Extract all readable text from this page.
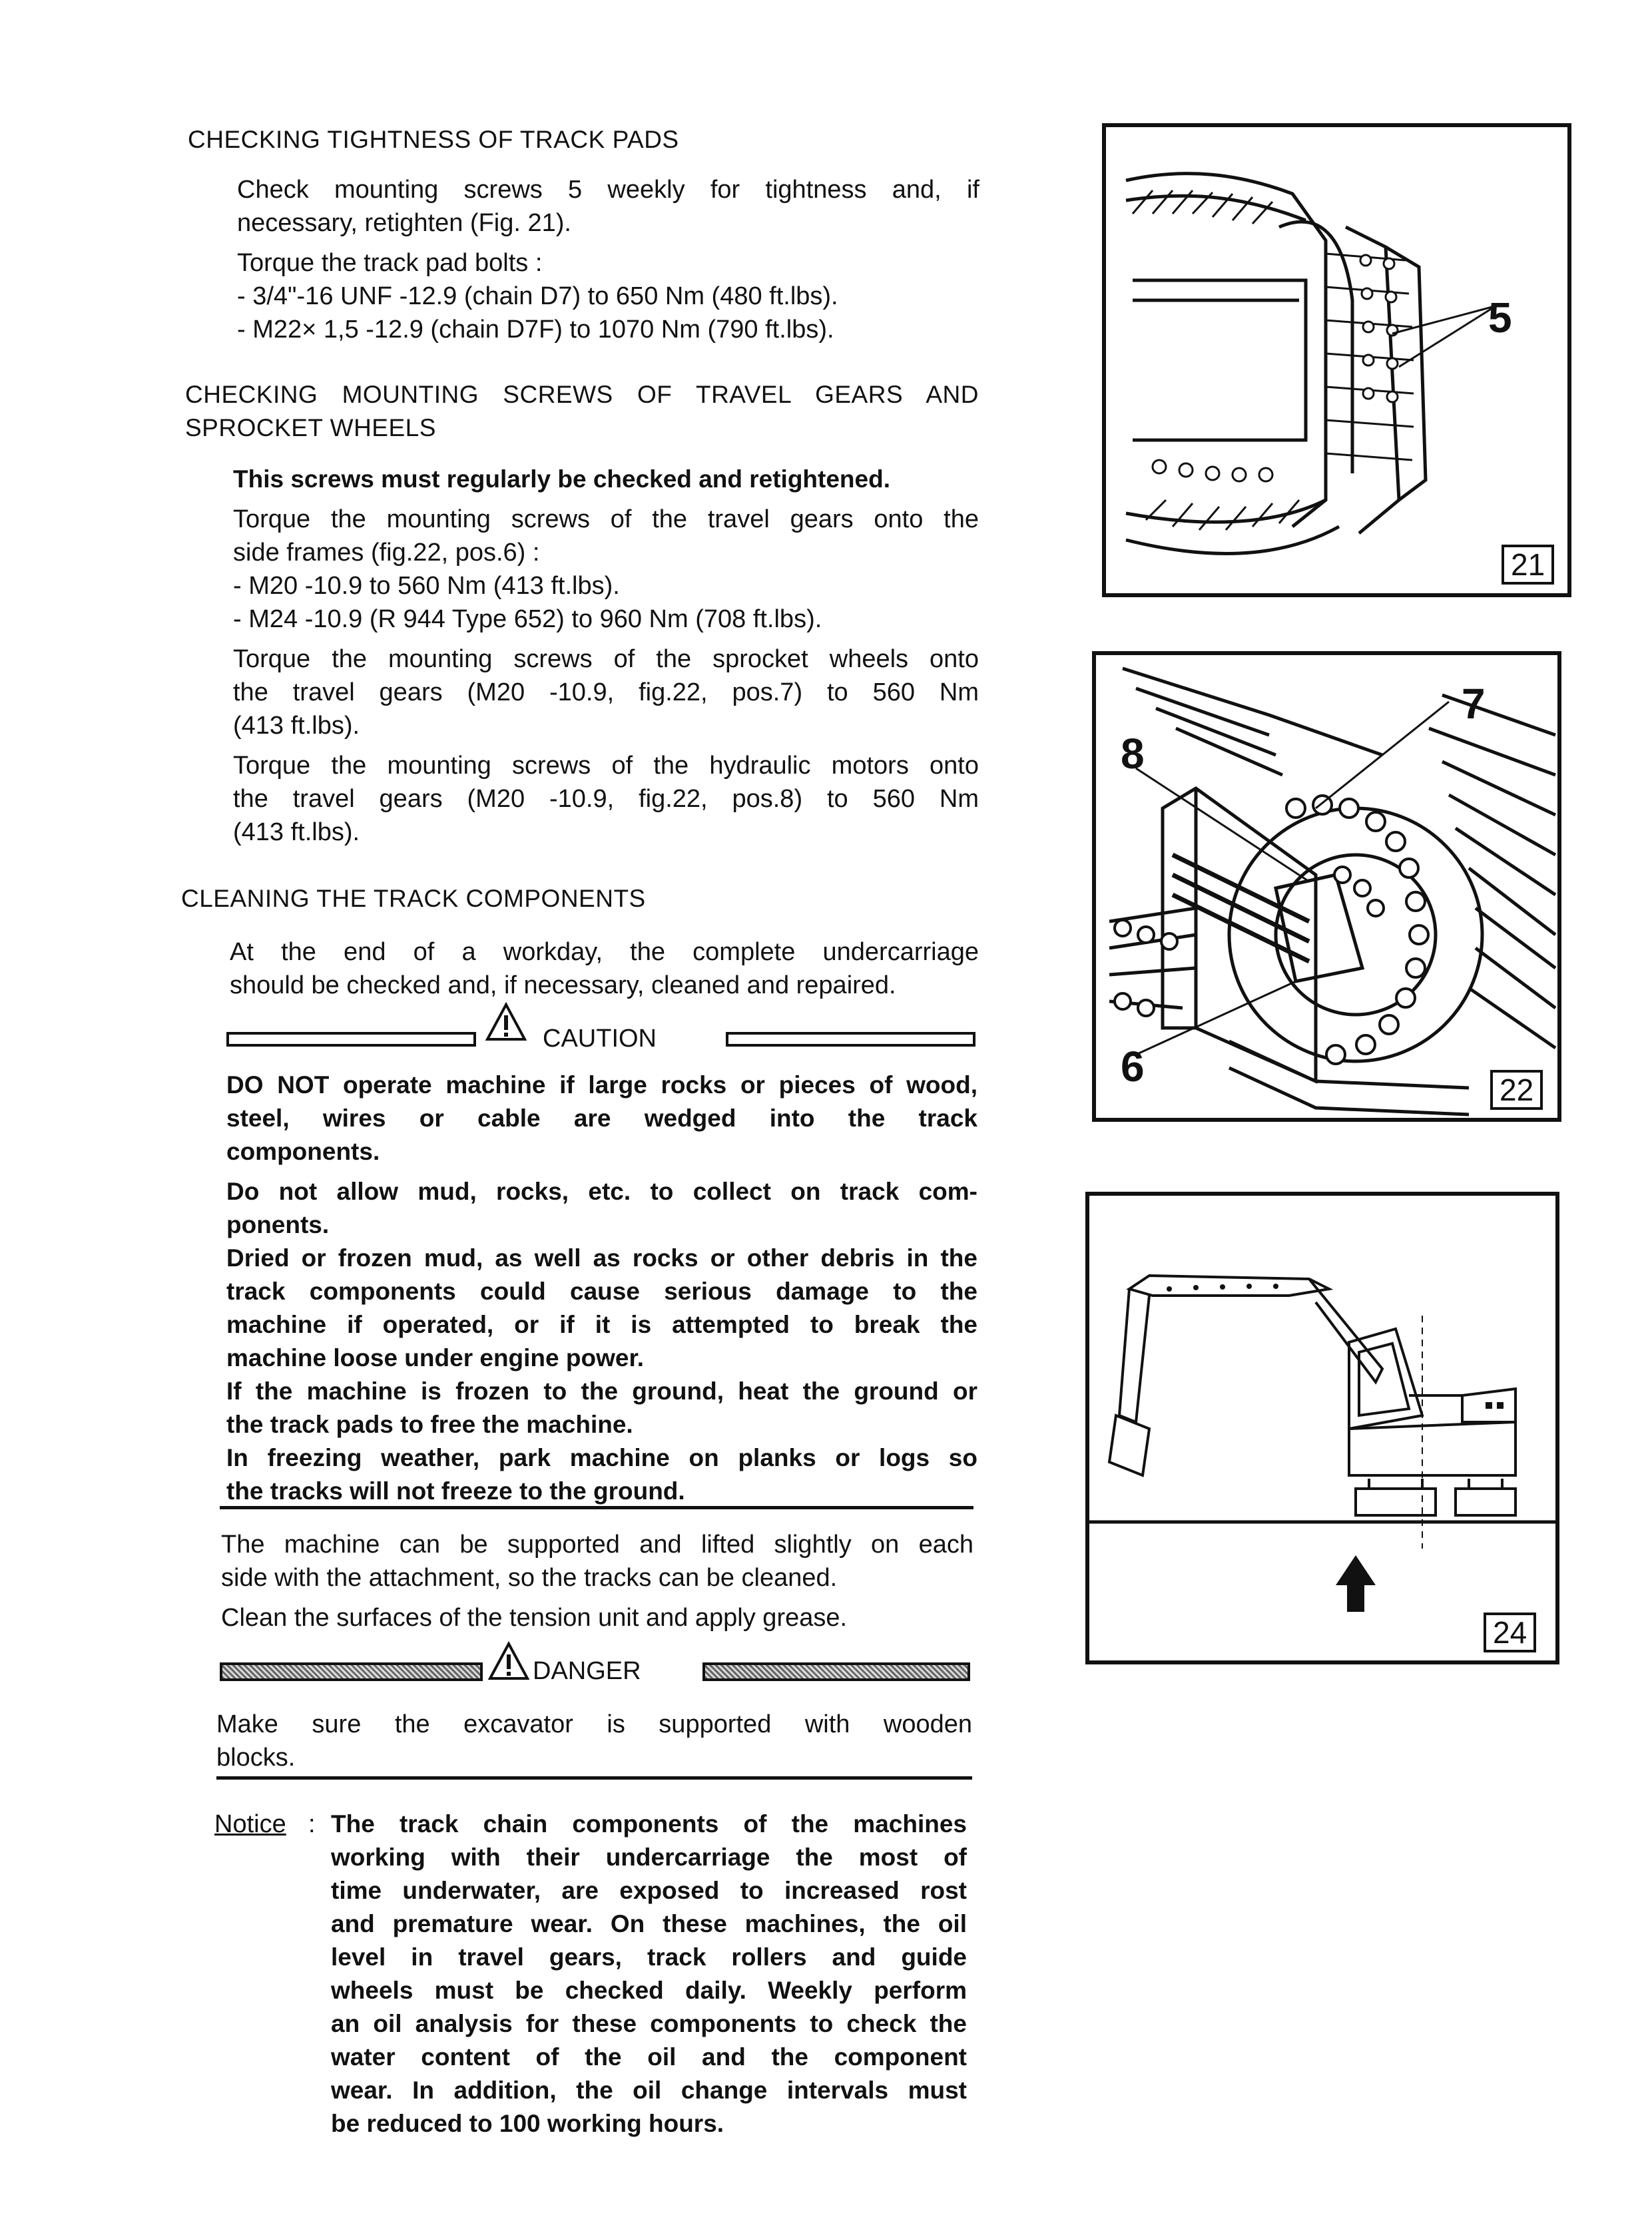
CHECKING TIGHTNESS OF TRACK PADS
Check mounting screws 5 weekly for tightness and, if
necessary, retighten (Fig. 21).
Torque the track pad bolts :
- 3/4"-16 UNF -12.9 (chain D7) to 650 Nm (480 ft.lbs).
- M22× 1,5 -12.9 (chain D7F) to 1070 Nm (790 ft.lbs).
CHECKING MOUNTING SCREWS OF TRAVEL GEARS AND
SPROCKET WHEELS
This screws must regularly be checked and retightened.
Torque the mounting screws of the travel gears onto the
side frames (fig.22, pos.6) :
- M20 -10.9 to 560 Nm (413 ft.lbs).
- M24 -10.9 (R 944 Type 652) to 960 Nm (708 ft.lbs).
Torque the mounting screws of the sprocket wheels onto
the travel gears (M20 -10.9, fig.22, pos.7) to 560 Nm
(413 ft.lbs).
Torque the mounting screws of the hydraulic motors onto
the travel gears (M20 -10.9, fig.22, pos.8) to 560 Nm
(413 ft.lbs).
CLEANING THE TRACK COMPONENTS
At the end of a workday, the complete undercarriage
should be checked and, if necessary, cleaned and repaired.
CAUTION
DO NOT operate machine if large rocks or pieces of wood,
steel, wires or cable are wedged into the track
components.
Do not allow mud, rocks, etc. to collect on track com-
ponents.
Dried or frozen mud, as well as rocks or other debris in the
track components could cause serious damage to the
machine if operated, or if it is attempted to break the
machine loose under engine power.
If the machine is frozen to the ground, heat the ground or
the track pads to free the machine.
In freezing weather, park machine on planks or logs so
the tracks will not freeze to the ground.
The machine can be supported and lifted slightly on each
side with the attachment, so the tracks can be cleaned.
Clean the surfaces of the tension unit and apply grease.
DANGER
Make sure the excavator is supported with wooden
blocks.
Notice : The track chain components of the machines
working with their undercarriage the most of
time underwater, are exposed to increased rost
and premature wear. On these machines, the oil
level in travel gears, track rollers and guide
wheels must be checked daily. Weekly perform
an oil analysis for these components to check the
water content of the oil and the component
wear. In addition, the oil change intervals must
be reduced to 100 working hours.
5
21
7
8
6	22
24
